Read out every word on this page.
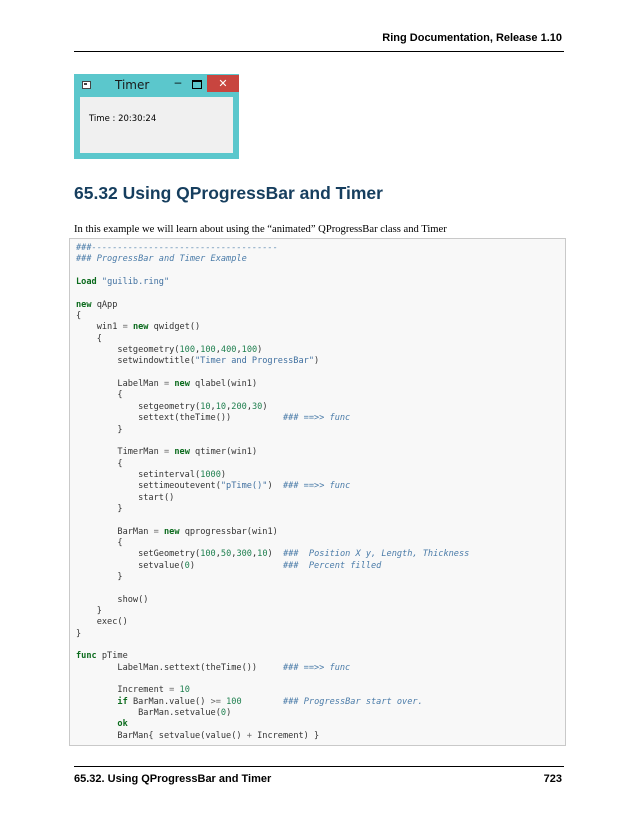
Ring Documentation, Release 1.10
Timer	–	✕
Time : 20:30:24
65.32 Using QProgressBar and Timer

In this example we will learn about using the “animated” QProgressBar class and Timer

###------------------------------------
### ProgressBar and Timer Example

Load "guilib.ring"

new qApp
{
win1 = new qwidget()
{
setgeometry(100,100,400,100)
setwindowtitle("Timer and ProgressBar")

LabelMan = new qlabel(win1)
{
setgeometry(10,10,200,30)
settext(theTime())	### ==>> func
}

TimerMan = new qtimer(win1)
{
setinterval(1000)
settimeoutevent("pTime()")  ### ==>> func
start()
}

BarMan = new qprogressbar(win1)
{
setGeometry(100,50,300,10)  ###  Position X y, Length, Thickness
setvalue(0)                 ###  Percent filled
}

show()
}
exec()
}

func pTime
LabelMan.settext(theTime())	### ==>> func

Increment = 10
if BarMan.value() >= 100	### ProgressBar start over.
BarMan.setvalue(0)
ok
BarMan{ setvalue(value() + Increment) }
65.32. Using QProgressBar and Timer	723
